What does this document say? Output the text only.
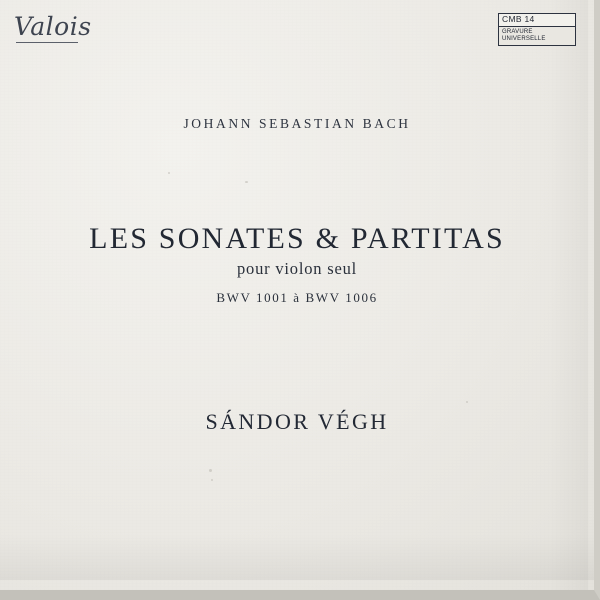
Valois	CMB 14
GRAVURE UNIVERSELLE
JOHANN SEBASTIAN BACH
LES SONATES & PARTITAS
pour violon seul
BWV 1001 à BWV 1006
SÁNDOR VÉGH
